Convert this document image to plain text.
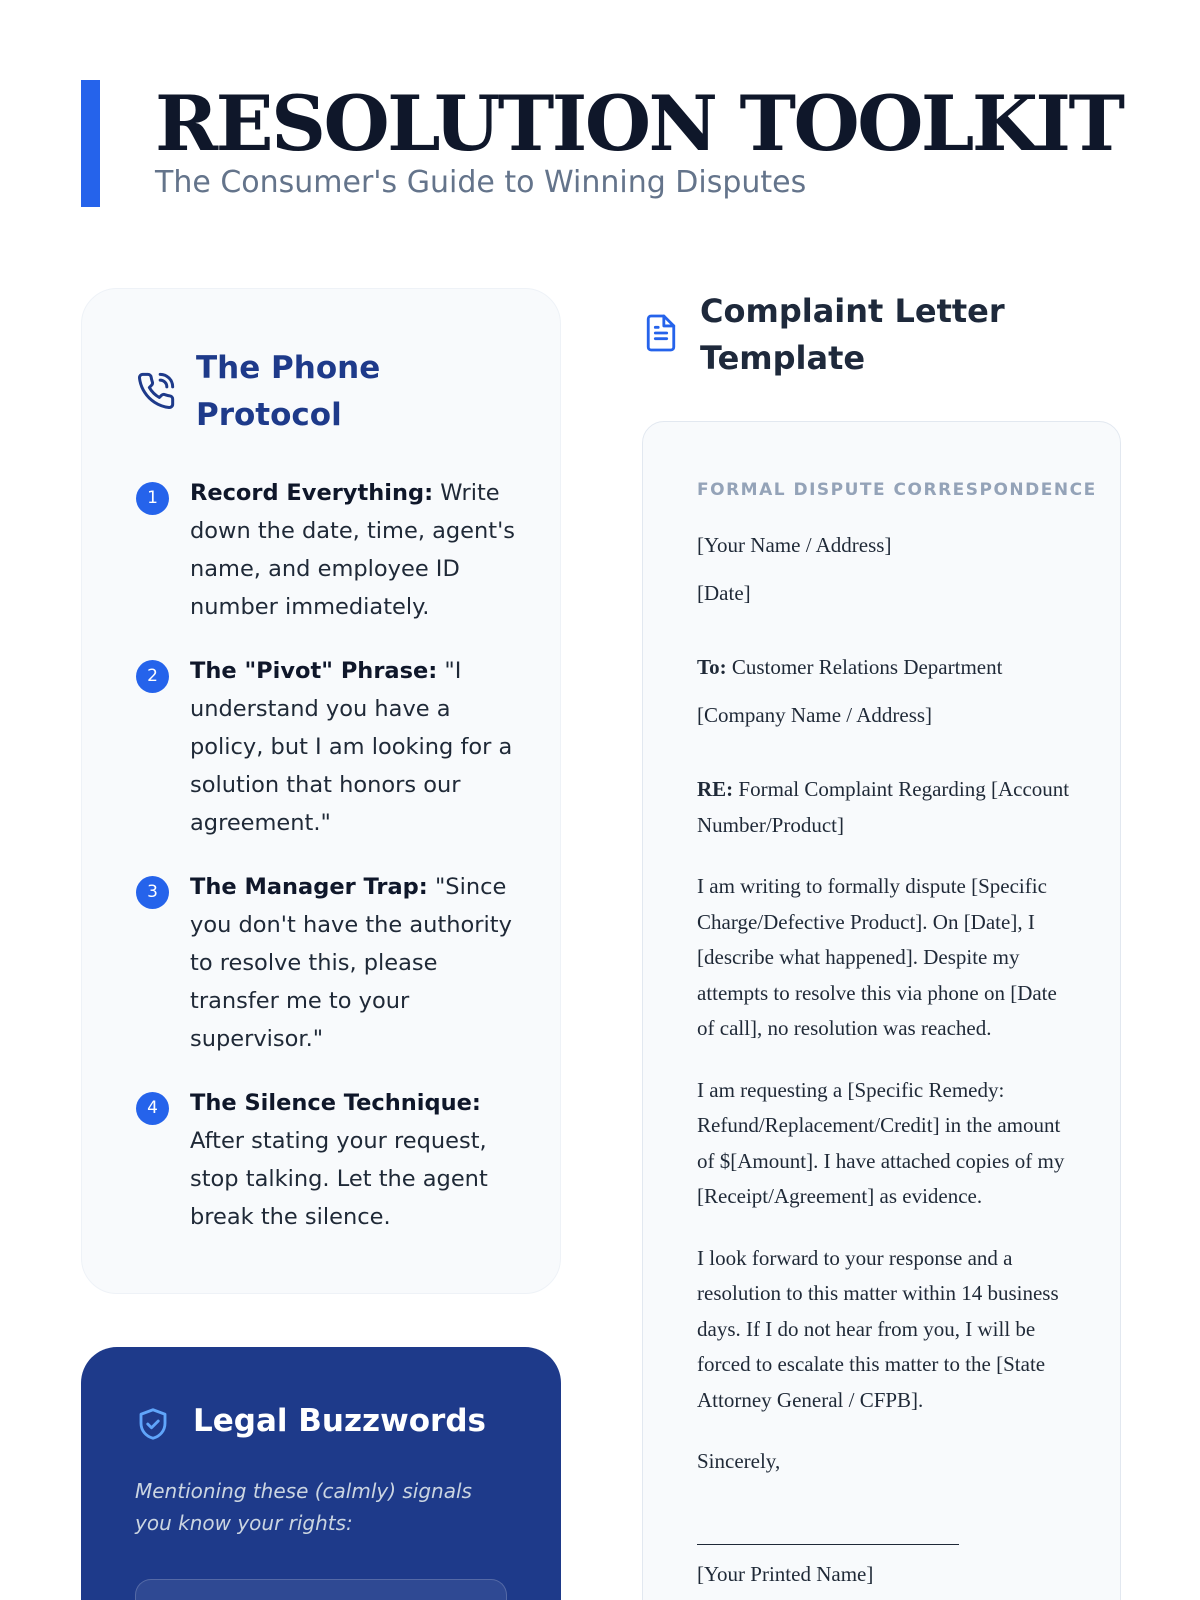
RESOLUTION TOOLKIT
The Consumer's Guide to Winning Disputes
The Phone Protocol
1	Record Everything: Write down the date, time, agent's name, and employee ID number immediately.
2	The "Pivot" Phrase: "I understand you have a policy, but I am looking for a solution that honors our agreement."
3	The Manager Trap: "Since you don't have the authority to resolve this, please transfer me to your supervisor."
4	The Silence Technique: After stating your request, stop talking. Let the agent break the silence.
Legal Buzzwords

Mentioning these (calmly) signals you know your rights:

Complaint Letter Template
FORMAL DISPUTE CORRESPONDENCE
[Your Name / Address]
[Date]
To: Customer Relations Department
[Company Name / Address]

RE: Formal Complaint Regarding [Account Number/Product]

I am writing to formally dispute [Specific Charge/Defective Product]. On [Date], I [describe what happened]. Despite my attempts to resolve this via phone on [Date of call], no resolution was reached.

I am requesting a [Specific Remedy: Refund/Replacement/Credit] in the amount of $[Amount]. I have attached copies of my [Receipt/Agreement] as evidence.

I look forward to your response and a resolution to this matter within 14 business days. If I do not hear from you, I will be forced to escalate this matter to the [State Attorney General / CFPB].

Sincerely,
[Your Printed Name]
